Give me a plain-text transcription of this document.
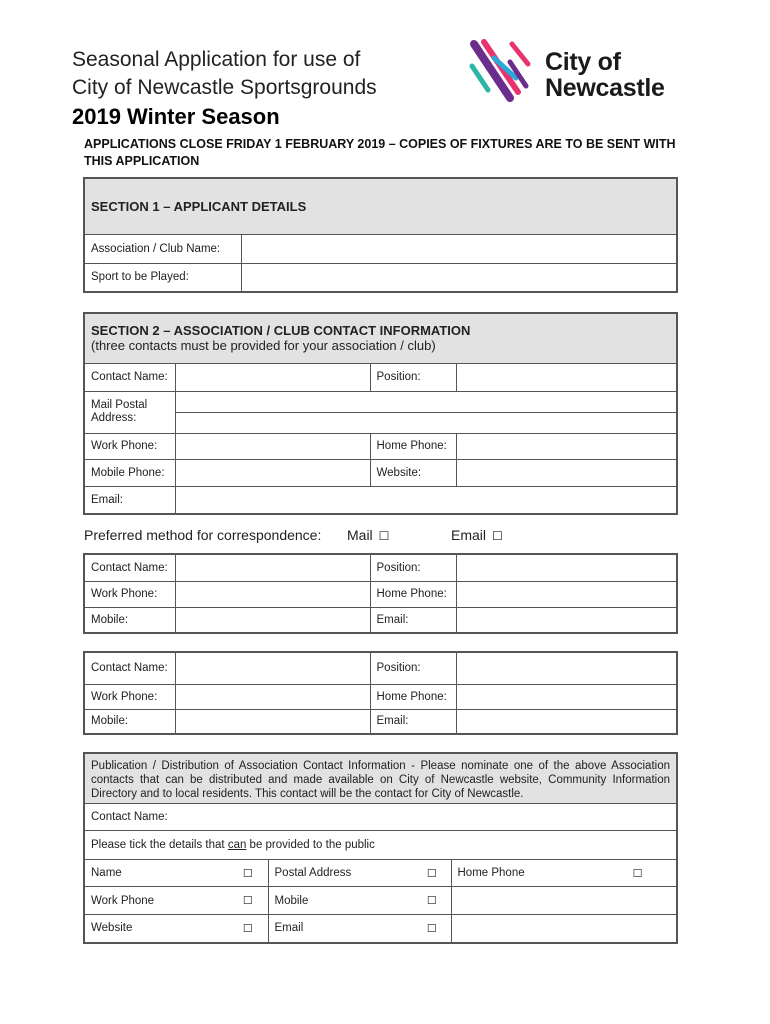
Seasonal Application for use of
City of Newcastle Sportsgrounds
2019 Winter Season
City of
Newcastle
APPLICATIONS CLOSE FRIDAY 1 FEBRUARY 2019 – COPIES OF FIXTURES ARE TO BE SENT WITH THIS APPLICATION
SECTION 1 – APPLICANT DETAILS	
Association / Club Name:	
Sport to be Played:	
SECTION 2 – ASSOCIATION / CLUB CONTACT INFORMATION
(three contacts must be provided for your association / club)			

Contact Name:		Position:	
Mail Postal Address:			

Work Phone:		Home Phone:	
Mobile Phone:		Website:	
Email:			
Preferred method for correspondence: Mail ☐	Email ☐
Contact Name:		Position:	
Work Phone:		Home Phone:	
Mobile:		Email:	
Contact Name:		Position:	
Work Phone:		Home Phone:	
Mobile:		Email:	
Publication / Distribution of Association Contact Information - Please nominate one of the above Association contacts that can be distributed and made available on City of Newcastle website, Community Information Directory and to local residents. This contact will be the contact for City of Newcastle.					
Contact Name:					
Please tick the details that can be provided to the public					
Name	☐	Postal Address	☐	Home Phone	☐
Work Phone	☐	Mobile	☐		
Website	☐	Email	☐		
